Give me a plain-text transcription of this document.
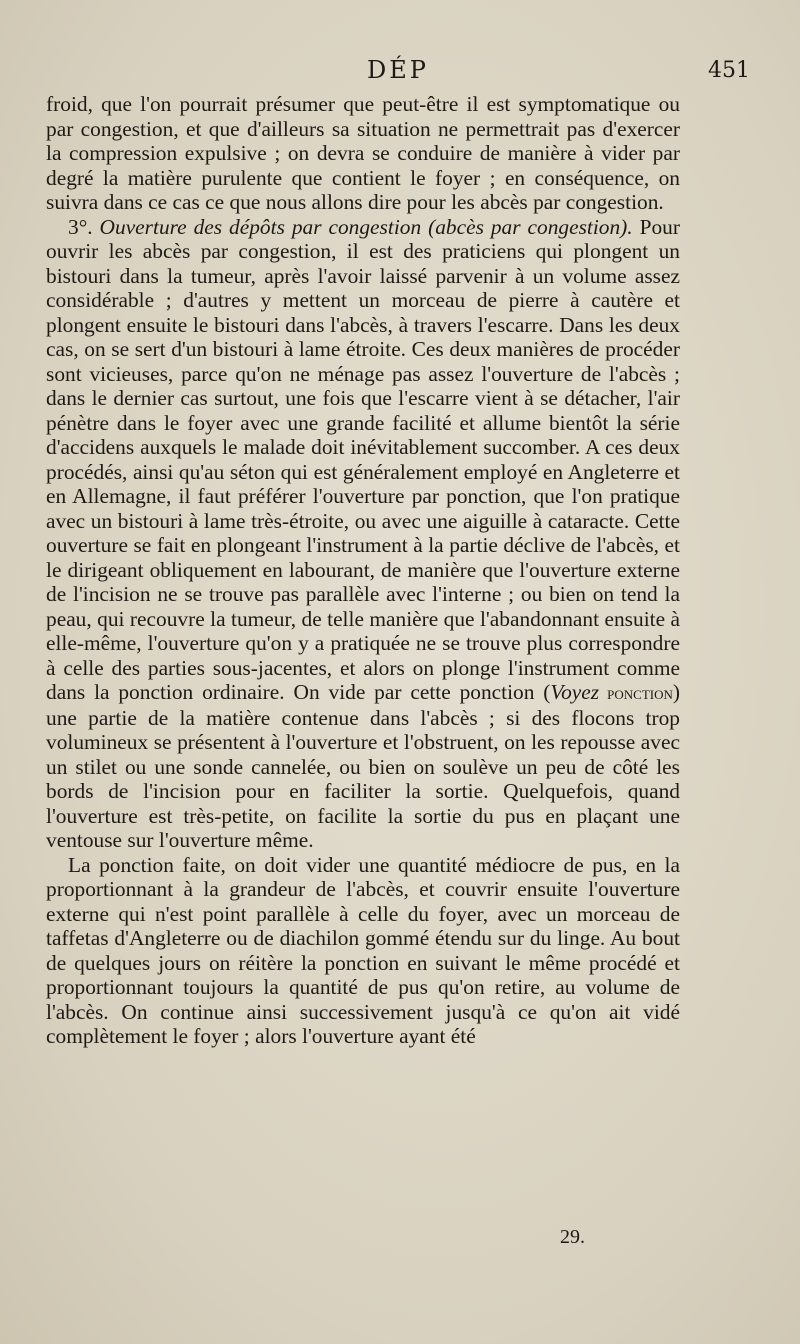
DÉP	451

froid, que l'on pourrait présumer que peut-être il est symptomatique ou par congestion, et que d'ailleurs sa situation ne permettrait pas d'exercer la compression expulsive ; on devra se conduire de manière à vider par degré la matière purulente que contient le foyer ; en conséquence, on suivra dans ce cas ce que nous allons dire pour les abcès par congestion.

3°. Ouverture des dépôts par congestion (abcès par congestion). Pour ouvrir les abcès par congestion, il est des praticiens qui plongent un bistouri dans la tumeur, après l'avoir laissé parvenir à un volume assez considérable ; d'autres y mettent un morceau de pierre à cautère et plongent ensuite le bistouri dans l'abcès, à travers l'escarre. Dans les deux cas, on se sert d'un bistouri à lame étroite. Ces deux manières de procéder sont vicieuses, parce qu'on ne ménage pas assez l'ouverture de l'abcès ; dans le dernier cas surtout, une fois que l'escarre vient à se détacher, l'air pénètre dans le foyer avec une grande facilité et allume bientôt la série d'accidens auxquels le malade doit inévitablement succomber. A ces deux procédés, ainsi qu'au séton qui est généralement employé en Angleterre et en Allemagne, il faut préférer l'ouverture par ponction, que l'on pratique avec un bistouri à lame très-étroite, ou avec une aiguille à cataracte. Cette ouverture se fait en plongeant l'instrument à la partie déclive de l'abcès, et le dirigeant obliquement en labourant, de manière que l'ouverture externe de l'incision ne se trouve pas parallèle avec l'interne ; ou bien on tend la peau, qui recouvre la tumeur, de telle manière que l'abandonnant ensuite à elle-même, l'ouverture qu'on y a pratiquée ne se trouve plus correspondre à celle des parties sous-jacentes, et alors on plonge l'instrument comme dans la ponction ordinaire. On vide par cette ponction (Voyez ponction) une partie de la matière contenue dans l'abcès ; si des flocons trop volumineux se présentent à l'ouverture et l'obstruent, on les repousse avec un stilet ou une sonde cannelée, ou bien on soulève un peu de côté les bords de l'incision pour en faciliter la sortie. Quelquefois, quand l'ouverture est très-petite, on facilite la sortie du pus en plaçant une ventouse sur l'ouverture même.

La ponction faite, on doit vider une quantité médiocre de pus, en la proportionnant à la grandeur de l'abcès, et couvrir ensuite l'ouverture externe qui n'est point parallèle à celle du foyer, avec un morceau de taffetas d'Angleterre ou de diachilon gommé étendu sur du linge. Au bout de quelques jours on réitère la ponction en suivant le même procédé et proportionnant toujours la quantité de pus qu'on retire, au volume de l'abcès. On continue ainsi successivement jusqu'à ce qu'on ait vidé complètement le foyer ; alors l'ouverture ayant été

29.
